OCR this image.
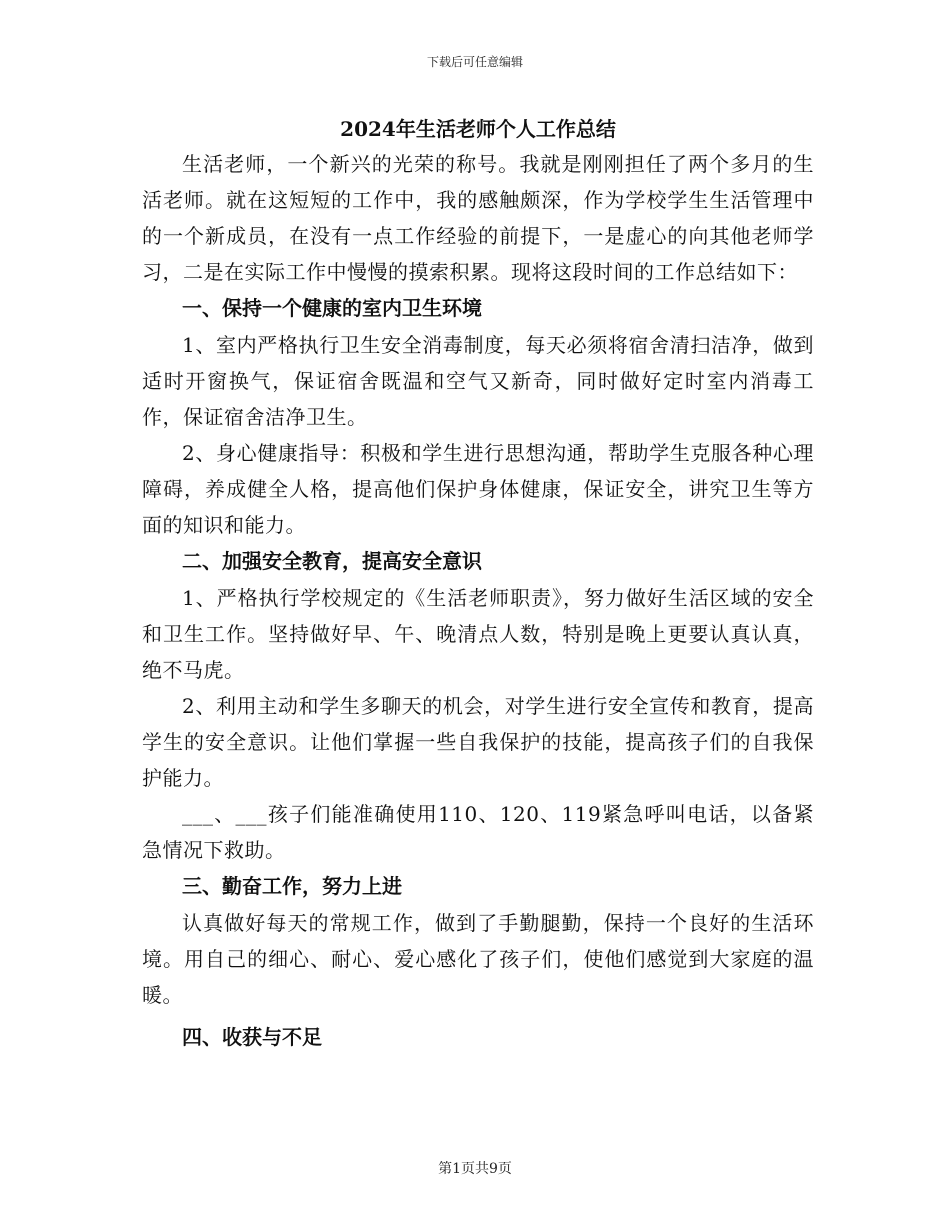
下载后可任意编辑
2024年生活老师个人工作总结

生活老师，一个新兴的光荣的称号。我就是刚刚担任了两个多月的生活老师。就在这短短的工作中，我的感触颇深，作为学校学生生活管理中的一个新成员，在没有一点工作经验的前提下，一是虚心的向其他老师学习，二是在实际工作中慢慢的摸索积累。现将这段时间的工作总结如下：

一、保持一个健康的室内卫生环境

1、室内严格执行卫生安全消毒制度，每天必须将宿舍清扫洁净，做到适时开窗换气，保证宿舍既温和空气又新奇，同时做好定时室内消毒工作，保证宿舍洁净卫生。

2、身心健康指导：积极和学生进行思想沟通，帮助学生克服各种心理障碍，养成健全人格，提高他们保护身体健康，保证安全，讲究卫生等方面的知识和能力。

二、加强安全教育，提高安全意识

1、严格执行学校规定的《生活老师职责》，努力做好生活区域的安全和卫生工作。坚持做好早、午、晚清点人数，特别是晚上更要认真认真，绝不马虎。

2、利用主动和学生多聊天的机会，对学生进行安全宣传和教育，提高学生的安全意识。让他们掌握一些自我保护的技能，提高孩子们的自我保护能力。

___、___孩子们能准确使用110、120、119紧急呼叫电话，以备紧急情况下救助。

三、勤奋工作，努力上进

认真做好每天的常规工作，做到了手勤腿勤，保持一个良好的生活环境。用自己的细心、耐心、爱心感化了孩子们，使他们感觉到大家庭的温暖。

四、收获与不足
第1页共9页
